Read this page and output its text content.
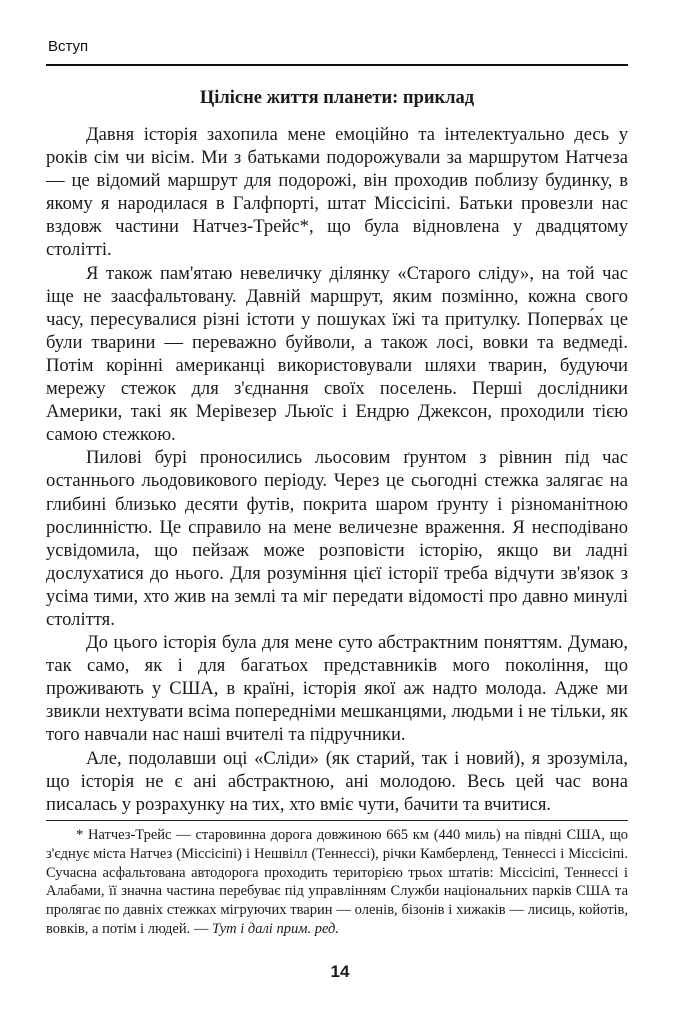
Вступ
Цілісне життя планети: приклад

Давня історія захопила мене емоційно та інтелектуально десь у років сім чи вісім. Ми з батьками подорожували за маршрутом Натчеза — це відомий маршрут для подорожі, він проходив поблизу будинку, в якому я народилася в Галфпорті, штат Міссісіпі. Батьки провезли нас вздовж частини Натчез-Трейс*, що була відновлена у двадцятому столітті.

Я також пам'ятаю невеличку ділянку «Старого сліду», на той час іще не заасфальтовану. Давній маршрут, яким позмінно, кожна свого часу, пересувалися різні істоти у пошуках їжі та притулку. Поперва́х це були тварини — переважно буйволи, а також лосі, вовки та ведмеді. Потім корінні американці використовували шляхи тварин, будуючи мережу стежок для з'єднання своїх поселень. Перші дослідники Америки, такі як Мерівезер Льюїс і Ендрю Джексон, проходили тією самою стежкою.

Пилові бурі проносились льосовим ґрунтом з рівнин під час останнього льодовикового періоду. Через це сьогодні стежка залягає на глибині близько десяти футів, покрита шаром ґрунту і різноманітною рослинністю. Це справило на мене величезне враження. Я несподівано усвідомила, що пейзаж може розповісти історію, якщо ви ладні дослухатися до нього. Для розуміння цієї історії треба відчути зв'язок з усіма тими, хто жив на землі та міг передати відомості про давно минулі століття.

До цього історія була для мене суто абстрактним поняттям. Думаю, так само, як і для багатьох представників мого покоління, що проживають у США, в країні, історія якої аж надто молода. Адже ми звикли нехтувати всіма попередніми мешканцями, людьми і не тільки, як того навчали нас наші вчителі та підручники.

Але, подолавши оці «Сліди» (як старий, так і новий), я зрозуміла, що історія не є ані абстрактною, ані молодою. Весь цей час вона писалась у розрахунку на тих, хто вміє чути, бачити та вчитися.

* Натчез-Трейс — старовинна дорога довжиною 665 км (440 миль) на півдні США, що з'єднує міста Натчез (Міссісіпі) і Нешвілл (Теннессі), річки Камберленд, Теннессі і Міссісіпі. Сучасна асфальтована автодорога проходить територією трьох штатів: Міссісіпі, Теннессі і Алабами, її значна частина перебуває під управлінням Служби національних парків США та пролягає по давніх стежках мігруючих тварин — оленів, бізонів і хижаків — лисиць, койотів, вовків, а потім і людей. — Тут і далі прим. ред.

14
